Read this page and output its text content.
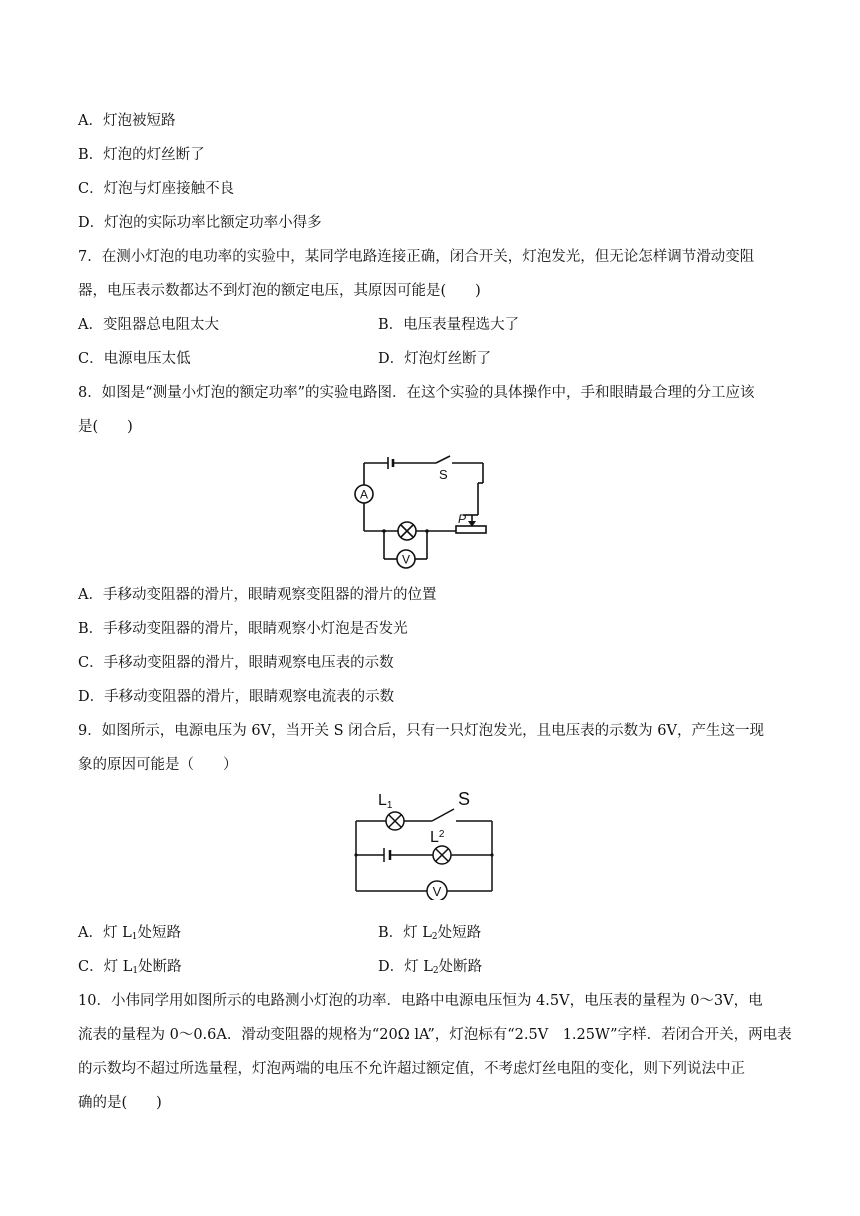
A．灯泡被短路
B．灯泡的灯丝断了
C．灯泡与灯座接触不良
D．灯泡的实际功率比额定功率小得多
7．在测小灯泡的电功率的实验中，某同学电路连接正确，闭合开关，灯泡发光，但无论怎样调节滑动变阻
器，电压表示数都达不到灯泡的额定电压，其原因可能是(　　)
A．变阻器总电阻太大	B．电压表量程选大了
C．电源电压太低	D．灯泡灯丝断了
8．如图是“测量小灯泡的额定功率”的实验电路图．在这个实验的具体操作中，手和眼睛最合理的分工应该
是(　　)
A
V
S
P
A．手移动变阻器的滑片，眼睛观察变阻器的滑片的位置
B．手移动变阻器的滑片，眼睛观察小灯泡是否发光
C．手移动变阻器的滑片，眼睛观察电压表的示数
D．手移动变阻器的滑片，眼睛观察电流表的示数
9．如图所示，电源电压为 6V，当开关 S 闭合后，只有一只灯泡发光，且电压表的示数为 6V，产生这一现
象的原因可能是（　　）
L1	S
$L^2$
V
A．灯 $L_1$处短路	B．灯 $L_2$处短路
C．灯 $L_1$处断路	D．灯 $L_2$处断路
10．小伟同学用如图所示的电路测小灯泡的功率．电路中电源电压恒为 4.5V，电压表的量程为 0～3V，电
流表的量程为 0～0.6A．滑动变阻器的规格为“20Ω lA”，灯泡标有“2.5V　1.25W”字样．若闭合开关，两电表
的示数均不超过所选量程，灯泡两端的电压不允许超过额定值，不考虑灯丝电阻的变化，则下列说法中正
确的是(　　)
